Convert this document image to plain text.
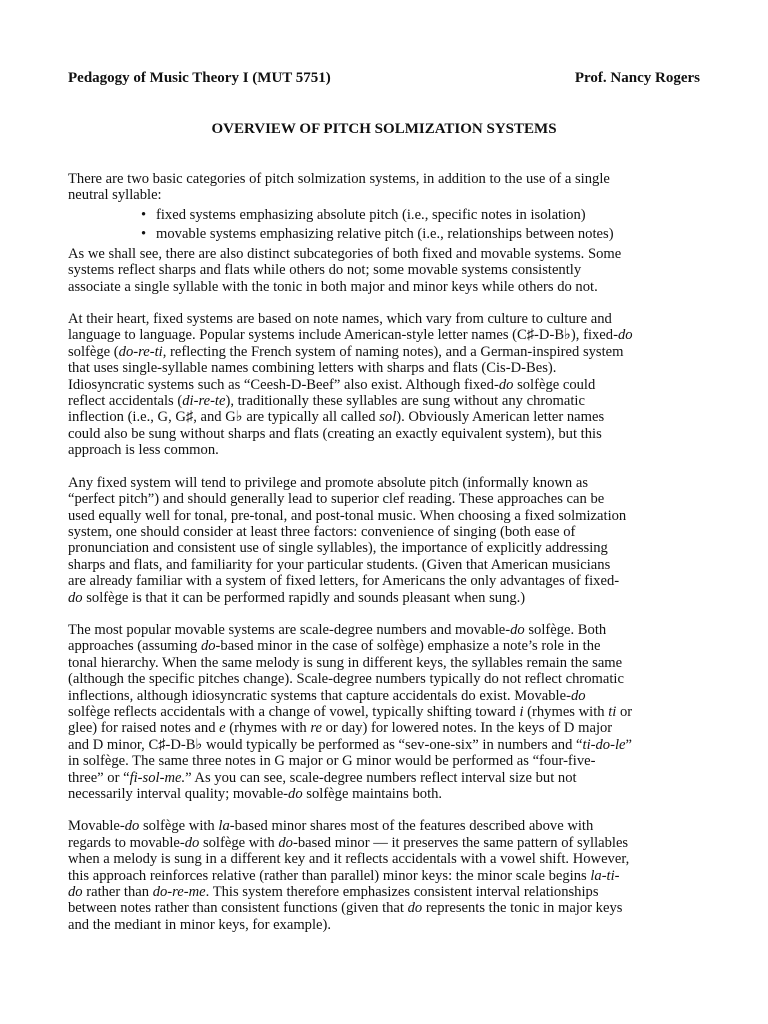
Pedagogy of Music Theory I (MUT 5751)	Prof. Nancy Rogers
OVERVIEW OF PITCH SOLMIZATION SYSTEMS
There are two basic categories of pitch solmization systems, in addition to the use of a single
neutral syllable:
• fixed systems emphasizing absolute pitch (i.e., specific notes in isolation)
• movable systems emphasizing relative pitch (i.e., relationships between notes)
As we shall see, there are also distinct subcategories of both fixed and movable systems. Some
systems reflect sharps and flats while others do not; some movable systems consistently
associate a single syllable with the tonic in both major and minor keys while others do not.
At their heart, fixed systems are based on note names, which vary from culture to culture and
language to language. Popular systems include American-style letter names (C♯-D-B♭), fixed-do
solfège (do-re-ti, reflecting the French system of naming notes), and a German-inspired system
that uses single-syllable names combining letters with sharps and flats (Cis-D-Bes).
Idiosyncratic systems such as “Ceesh-D-Beef” also exist. Although fixed-do solfège could
reflect accidentals (di-re-te), traditionally these syllables are sung without any chromatic
inflection (i.e., G, G♯, and G♭ are typically all called sol). Obviously American letter names
could also be sung without sharps and flats (creating an exactly equivalent system), but this
approach is less common.
Any fixed system will tend to privilege and promote absolute pitch (informally known as
“perfect pitch”) and should generally lead to superior clef reading. These approaches can be
used equally well for tonal, pre-tonal, and post-tonal music. When choosing a fixed solmization
system, one should consider at least three factors: convenience of singing (both ease of
pronunciation and consistent use of single syllables), the importance of explicitly addressing
sharps and flats, and familiarity for your particular students. (Given that American musicians
are already familiar with a system of fixed letters, for Americans the only advantages of fixed-
do solfège is that it can be performed rapidly and sounds pleasant when sung.)
The most popular movable systems are scale-degree numbers and movable-do solfège. Both
approaches (assuming do-based minor in the case of solfège) emphasize a note’s role in the
tonal hierarchy. When the same melody is sung in different keys, the syllables remain the same
(although the specific pitches change). Scale-degree numbers typically do not reflect chromatic
inflections, although idiosyncratic systems that capture accidentals do exist. Movable-do
solfège reflects accidentals with a change of vowel, typically shifting toward i (rhymes with ti or
glee) for raised notes and e (rhymes with re or day) for lowered notes. In the keys of D major
and D minor, C♯-D-B♭ would typically be performed as “sev-one-six” in numbers and “ti-do-le”
in solfège. The same three notes in G major or G minor would be performed as “four-five-
three” or “fi-sol-me.” As you can see, scale-degree numbers reflect interval size but not
necessarily interval quality; movable-do solfège maintains both.
Movable-do solfège with la-based minor shares most of the features described above with
regards to movable-do solfège with do-based minor — it preserves the same pattern of syllables
when a melody is sung in a different key and it reflects accidentals with a vowel shift. However,
this approach reinforces relative (rather than parallel) minor keys: the minor scale begins la-ti-
do rather than do-re-me. This system therefore emphasizes consistent interval relationships
between notes rather than consistent functions (given that do represents the tonic in major keys
and the mediant in minor keys, for example).
